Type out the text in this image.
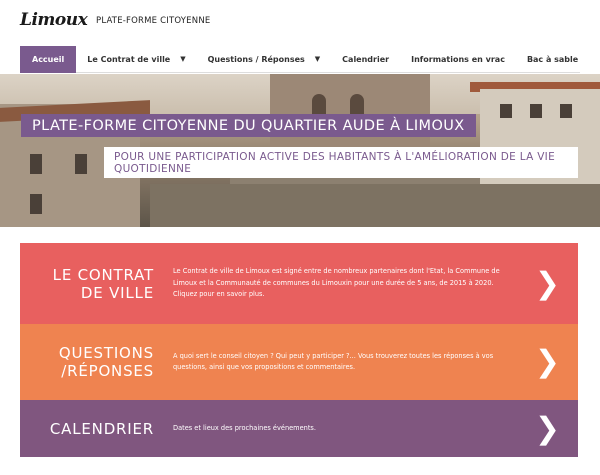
Limoux PLATE-FORME CITOYENNE
Accueil	Le Contrat de ville ▼	Questions / Réponses ▼	Calendrier	Informations en vrac	Bac à sable
PLATE-FORME CITOYENNE DU QUARTIER AUDE À LIMOUX
POUR UNE PARTICIPATION ACTIVE DES HABITANTS À L'AMÉLIORATION DE LA VIE QUOTIDIENNE
LE CONTRAT
DE VILLE
Le Contrat de ville de Limoux est signé entre de nombreux partenaires dont l'Etat, la Commune de Limoux et la Communauté de communes du Limouxin pour une durée de 5 ans, de 2015 à 2020. Cliquez pour en savoir plus.	❯
QUESTIONS
/RÉPONSES
A quoi sert le conseil citoyen ? Qui peut y participer ?... Vous trouverez toutes les réponses à vos questions, ainsi que vos propositions et commentaires.	❯
CALENDRIER	Dates et lieux des prochaines événements.	❯
